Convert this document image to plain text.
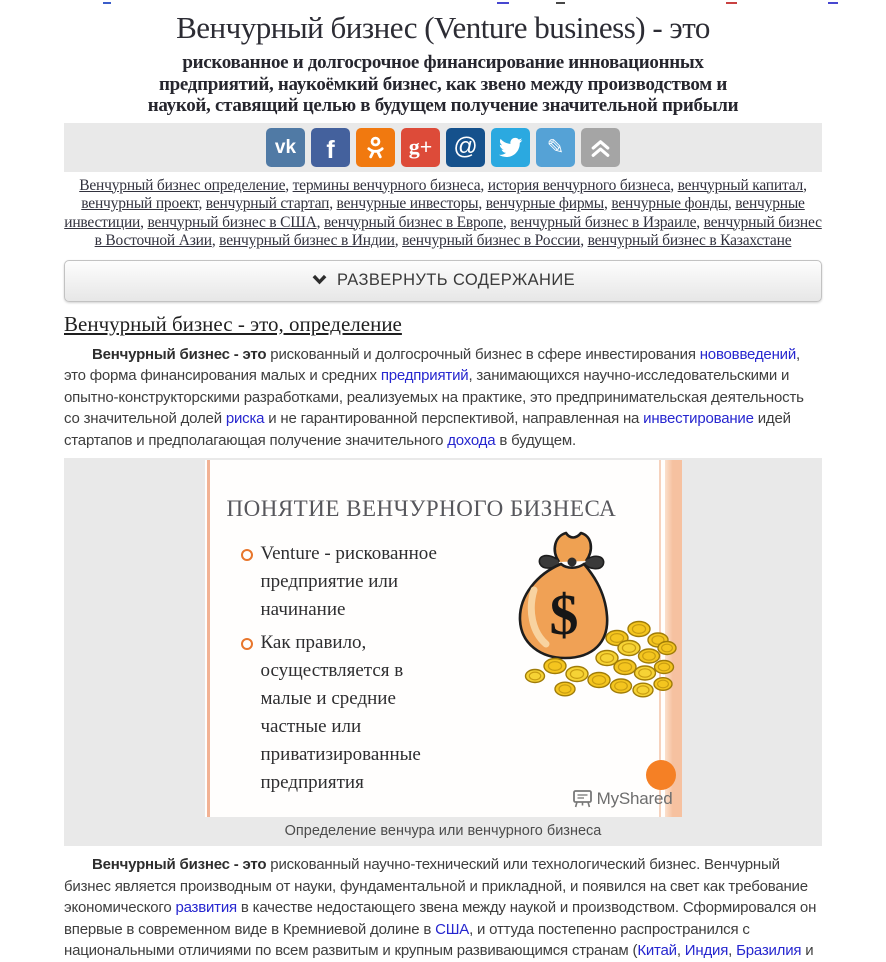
Венчурный бизнес (Venture business) - это
рискованное и долгосрочное финансирование инновационных предприятий, наукоёмкий бизнес, как звено между производством и наукой, ставящий целью в будущем получение значительной прибыли
vk f	g+ @	✎
Венчурный бизнес определение, термины венчурного бизнеса, история венчурного бизнеса, венчурный капитал, венчурный проект, венчурный стартап, венчурные инвесторы, венчурные фирмы, венчурные фонды, венчурные инвестиции, венчурный бизнес в США, венчурный бизнес в Европе, венчурный бизнес в Израиле, венчурный бизнес в Восточной Азии, венчурный бизнес в Индии, венчурный бизнес в России, венчурный бизнес в Казахстане
РАЗВЕРНУТЬ СОДЕРЖАНИЕ
Венчурный бизнес - это, определение

Венчурный бизнес - это рискованный и долгосрочный бизнес в сфере инвестирования нововведений, это форма финансирования малых и средних предприятий, занимающихся научно-исследовательскими и опытно-конструкторскими разработками, реализуемых на практике, это предпринимательская деятельность со значительной долей риска и не гарантированной перспективой, направленная на инвестирование идей стартапов и предполагающая получение значительного дохода в будущем.

ПОНЯТИЕ ВЕНЧУРНОГО БИЗНЕСА
Venture - рискованное предприятие или начинание
Как правило, осуществляется в малые и средние частные или приватизированные предприятия
$
MyShared
Определение венчура или венчурного бизнеса

Венчурный бизнес - это рискованный научно-технический или технологический бизнес. Венчурный бизнес является производным от науки, фундаментальной и прикладной, и появился на свет как требование экономического развития в качестве недостающего звена между наукой и производством. Сформировался он впервые в современном виде в Кремниевой долине в США, и оттуда постепенно распространился с национальными отличиями по всем развитым и крупным развивающимся странам (Китай, Индия, Бразилия и
